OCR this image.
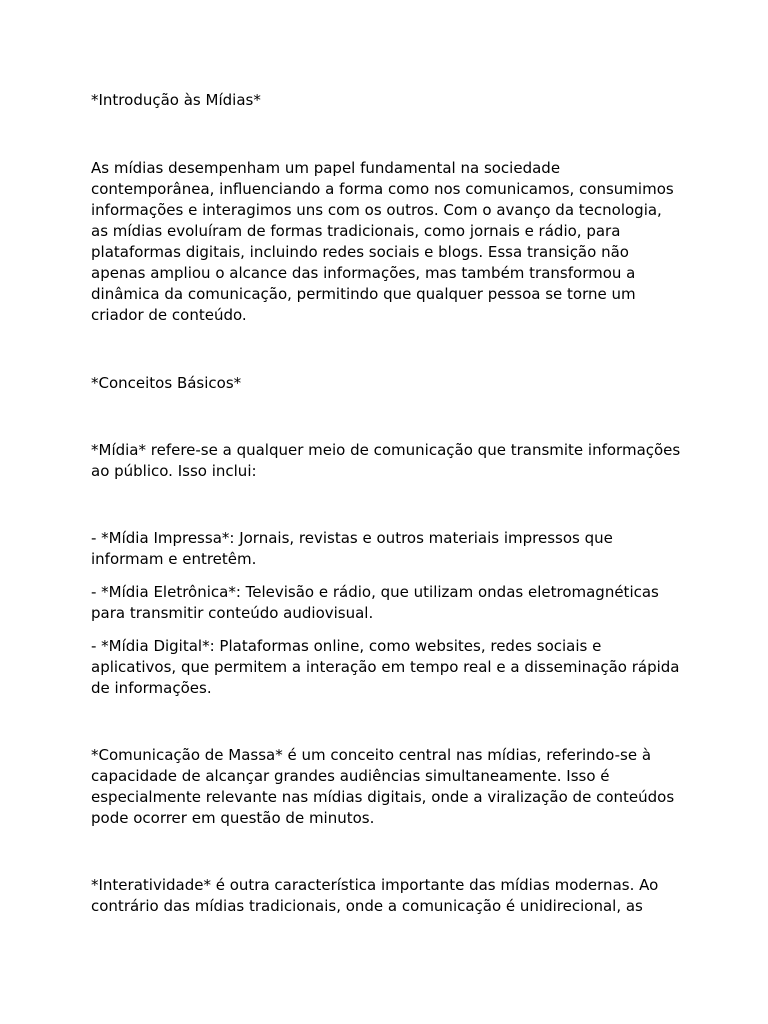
*Introdução às Mídias*

As mídias desempenham um papel fundamental na sociedade contemporânea, influenciando a forma como nos comunicamos, consumimos informações e interagimos uns com os outros. Com o avanço da tecnologia, as mídias evoluíram de formas tradicionais, como jornais e rádio, para plataformas digitais, incluindo redes sociais e blogs. Essa transição não apenas ampliou o alcance das informações, mas também transformou a dinâmica da comunicação, permitindo que qualquer pessoa se torne um criador de conteúdo.

*Conceitos Básicos*

*Mídia* refere-se a qualquer meio de comunicação que transmite informações ao público. Isso inclui:

- *Mídia Impressa*: Jornais, revistas e outros materiais impressos que informam e entretêm.

- *Mídia Eletrônica*: Televisão e rádio, que utilizam ondas eletromagnéticas para transmitir conteúdo audiovisual.

- *Mídia Digital*: Plataformas online, como websites, redes sociais e aplicativos, que permitem a interação em tempo real e a disseminação rápida de informações.

*Comunicação de Massa* é um conceito central nas mídias, referindo-se à capacidade de alcançar grandes audiências simultaneamente. Isso é especialmente relevante nas mídias digitais, onde a viralização de conteúdos pode ocorrer em questão de minutos.

*Interatividade* é outra característica importante das mídias modernas. Ao contrário das mídias tradicionais, onde a comunicação é unidirecional, as
